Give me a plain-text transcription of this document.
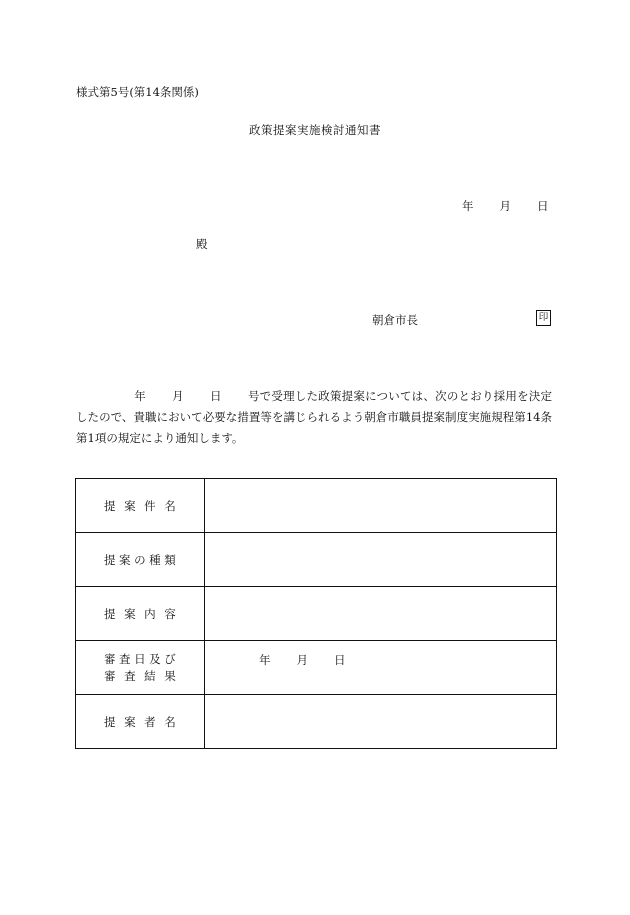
様式第5号(第14条関係)
政策提案実施検討通知書
年 月 日
殿
朝倉市長	印
年 月 日 号で受理した政策提案については、次のとおり採用を決定したので、貴職において必要な措置等を講じられるよう朝倉市職員提案制度実施規程第14条第1項の規定により通知します。
提案件名	
提案の種類	
提案内容	
審査日及び
審査結果	年 月 日

提案者名	
